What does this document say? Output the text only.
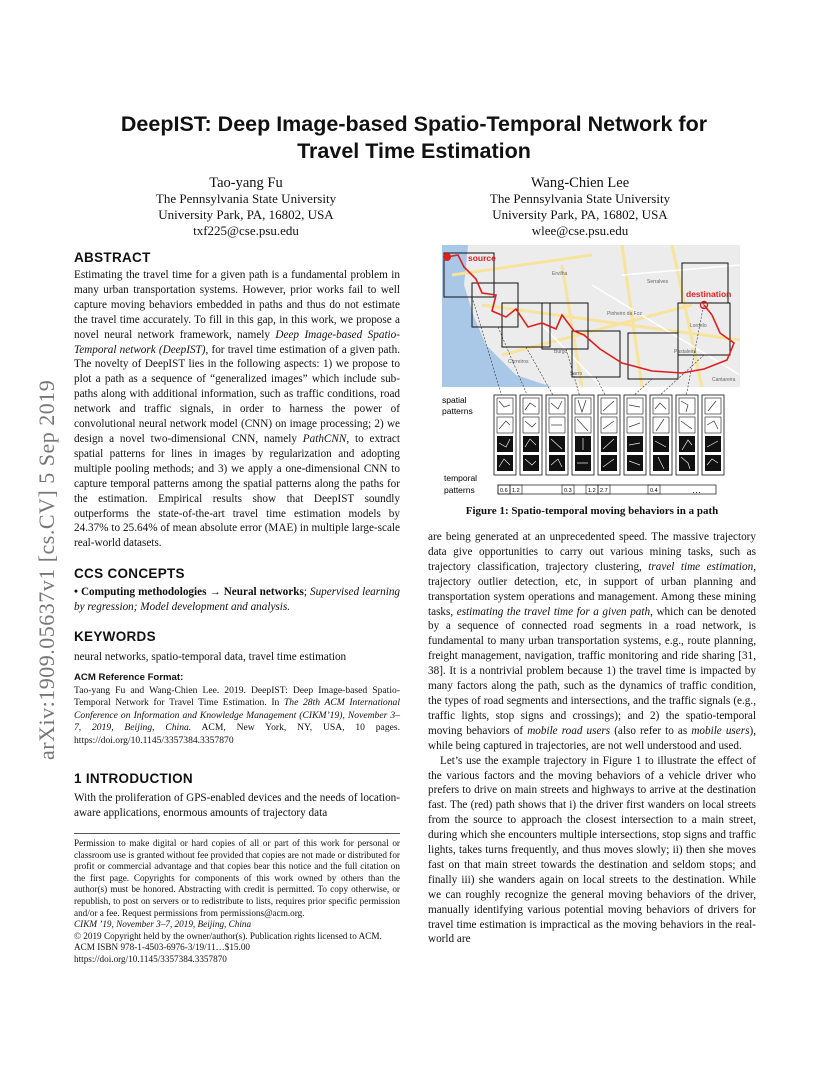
arXiv:1909.05637v1 [cs.CV] 5 Sep 2019
DeepIST: Deep Image-based Spatio-Temporal Network for
Travel Time Estimation
Tao-yang Fu
The Pennsylvania State University
University Park, PA, 16802, USA
txf225@cse.psu.edu
Wang-Chien Lee
The Pennsylvania State University
University Park, PA, 16802, USA
wlee@cse.psu.edu
ABSTRACT
Estimating the travel time for a given path is a fundamental problem in many urban transportation systems. However, prior works fail to well capture moving behaviors embedded in paths and thus do not estimate the travel time accurately. To fill in this gap, in this work, we propose a novel neural network framework, namely Deep Image-based Spatio-Temporal network (DeepIST), for travel time estimation of a given path. The novelty of DeepIST lies in the following aspects: 1) we propose to plot a path as a sequence of “generalized images” which include sub-paths along with additional information, such as traffic conditions, road network and traffic signals, in order to harness the power of convolutional neural network model (CNN) on image processing; 2) we design a novel two-dimensional CNN, namely PathCNN, to extract spatial patterns for lines in images by regularization and adopting multiple pooling methods; and 3) we apply a one-dimensional CNN to capture temporal patterns among the spatial patterns along the paths for the estimation. Empirical results show that DeepIST soundly outperforms the state-of-the-art travel time estimation models by 24.37% to 25.64% of mean absolute error (MAE) in multiple large-scale real-world datasets.
CCS CONCEPTS
• Computing methodologies → Neural networks; Supervised learning by regression; Model development and analysis.
KEYWORDS
neural networks, spatio-temporal data, travel time estimation
ACM Reference Format:
Tao-yang Fu and Wang-Chien Lee. 2019. DeepIST: Deep Image-based Spatio-Temporal Network for Travel Time Estimation. In The 28th ACM International Conference on Information and Knowledge Management (CIKM’19), November 3–7, 2019, Beijing, China. ACM, New York, NY, USA, 10 pages. https://doi.org/10.1145/3357384.3357870
1 INTRODUCTION
With the proliferation of GPS-enabled devices and the needs of location-aware applications, enormous amounts of trajectory data
Permission to make digital or hard copies of all or part of this work for personal or classroom use is granted without fee provided that copies are not made or distributed for profit or commercial advantage and that copies bear this notice and the full citation on the first page. Copyrights for components of this work owned by others than the author(s) must be honored. Abstracting with credit is permitted. To copy otherwise, or republish, to post on servers or to redistribute to lists, requires prior specific permission and/or a fee. Request permissions from permissions@acm.org.
CIKM ’19, November 3–7, 2019, Beijing, China
© 2019 Copyright held by the owner/author(s). Publication rights licensed to ACM.
ACM ISBN 978-1-4503-6976-3/19/11…$15.00
https://doi.org/10.1145/3357384.3357870
Ervilha
Serralves
Pinheiro da Foz
Lordelo
Burgo	Pastaleira
Sarro
Carreiros
Cantareira
source
destination
spatial
patterns
temporal
patterns	0.6 1.2	0.3	1.2 2.7	0.4	…
Figure 1: Spatio-temporal moving behaviors in a path
are being generated at an unprecedented speed. The massive trajectory data give opportunities to carry out various mining tasks, such as trajectory classification, trajectory clustering, travel time estimation, trajectory outlier detection, etc, in support of urban planning and transportation system operations and management. Among these mining tasks, estimating the travel time for a given path, which can be denoted by a sequence of connected road segments in a road network, is fundamental to many urban transportation systems, e.g., route planning, freight management, navigation, traffic monitoring and ride sharing [31, 38]. It is a nontrivial problem because 1) the travel time is impacted by many factors along the path, such as the dynamics of traffic condition, the types of road segments and intersections, and the traffic signals (e.g., traffic lights, stop signs and crossings); and 2) the spatio-temporal moving behaviors of mobile road users (also refer to as mobile users), while being captured in trajectories, are not well understood and used.
Let’s use the example trajectory in Figure 1 to illustrate the effect of the various factors and the moving behaviors of a vehicle driver who prefers to drive on main streets and highways to arrive at the destination fast. The (red) path shows that i) the driver first wanders on local streets from the source to approach the closest intersection to a main street, during which she encounters multiple intersections, stop signs and traffic lights, takes turns frequently, and thus moves slowly; ii) then she moves fast on that main street towards the destination and seldom stops; and finally iii) she wanders again on local streets to the destination. While we can roughly recognize the general moving behaviors of the driver, manually identifying various potential moving behaviors of drivers for travel time estimation is impractical as the moving behaviors in the real-world are
